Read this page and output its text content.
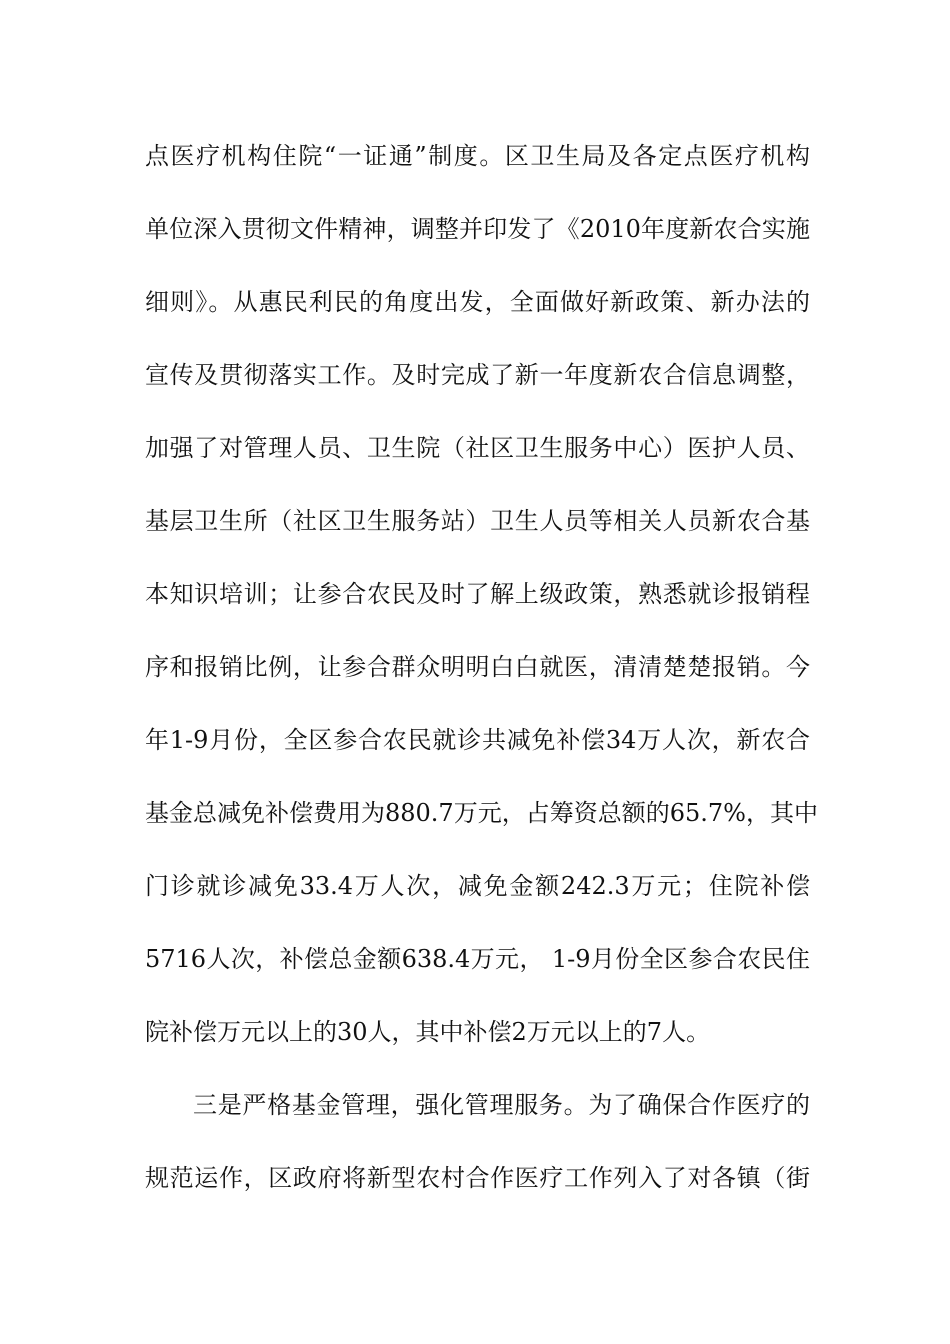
点医疗机构住院“一证通”制度。区卫生局及各定点医疗机构
单位深入贯彻文件精神，调整并印发了《2010年度新农合实施
细则》。从惠民利民的角度出发，全面做好新政策、新办法的
宣传及贯彻落实工作。及时完成了新一年度新农合信息调整，
加强了对管理人员、卫生院（社区卫生服务中心）医护人员、
基层卫生所（社区卫生服务站）卫生人员等相关人员新农合基
本知识培训；让参合农民及时了解上级政策，熟悉就诊报销程
序和报销比例，让参合群众明明白白就医，清清楚楚报销。今
年1-9月份，全区参合农民就诊共减免补偿34万人次，新农合
基金总减免补偿费用为880.7万元，占筹资总额的65.7%，其中
门诊就诊减免33.4万人次，减免金额242.3万元；住院补偿
5716人次，补偿总金额638.4万元， 1-9月份全区参合农民住
院补偿万元以上的30人，其中补偿2万元以上的7人。
三是严格基金管理，强化管理服务。为了确保合作医疗的
规范运作，区政府将新型农村合作医疗工作列入了对各镇（街
